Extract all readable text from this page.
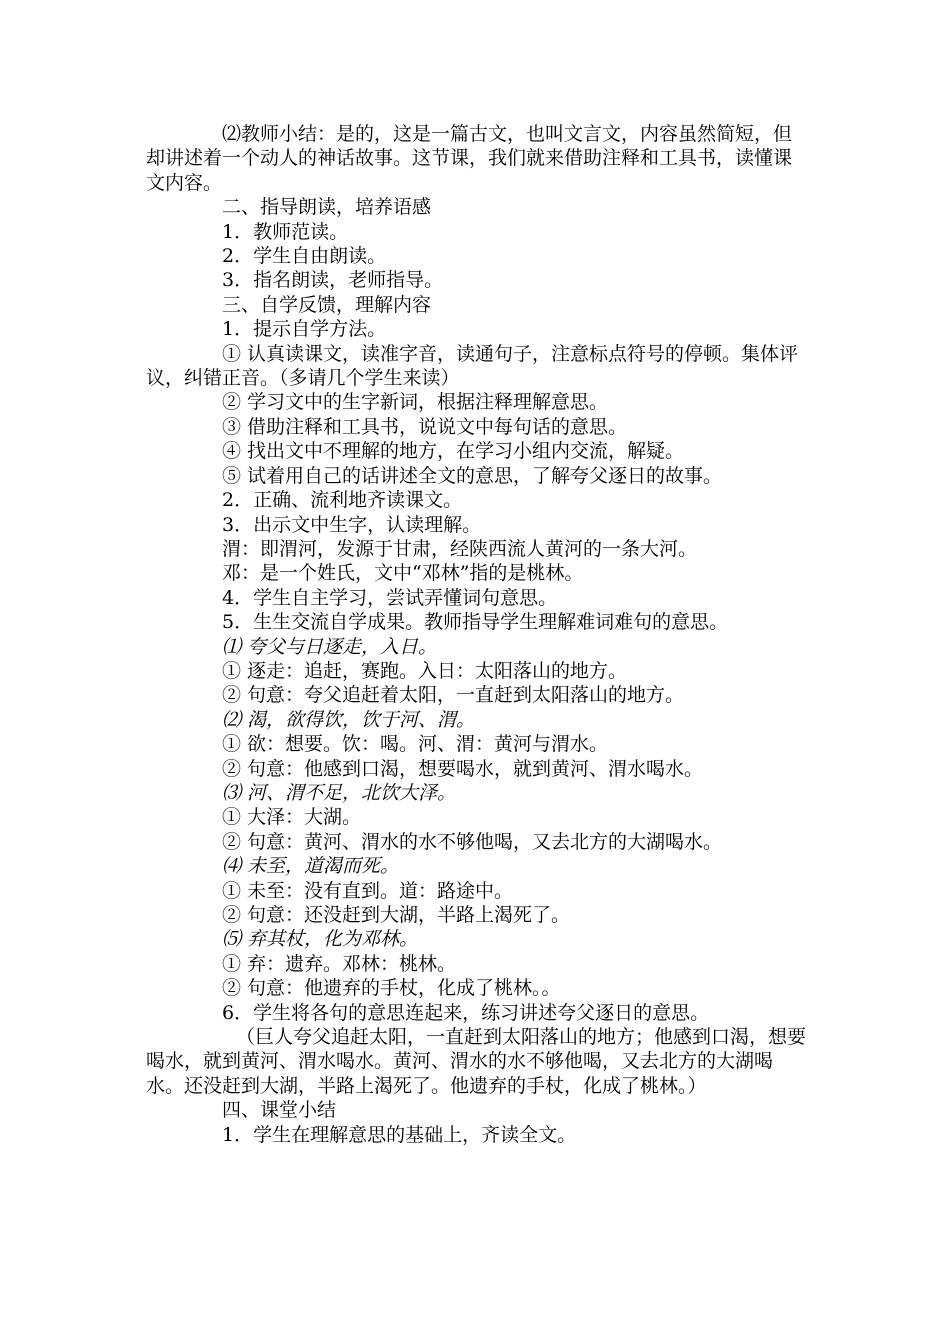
⑵教师小结：是的，这是一篇古文，也叫文言文，内容虽然简短，但却讲述着一个动人的神话故事。这节课，我们就来借助注释和工具书，读懂课文内容。

二、指导朗读，培养语感

1．教师范读。

2．学生自由朗读。

3．指名朗读，老师指导。

三、自学反馈，理解内容

1．提示自学方法。

① 认真读课文，读准字音，读通句子，注意标点符号的停顿。集体评议，纠错正音。（多请几个学生来读）

② 学习文中的生字新词，根据注释理解意思。

③ 借助注释和工具书，说说文中每句话的意思。

④ 找出文中不理解的地方，在学习小组内交流，解疑。

⑤ 试着用自己的话讲述全文的意思，了解夸父逐日的故事。

2．正确、流利地齐读课文。

3．出示文中生字，认读理解。

渭：即渭河，发源于甘肃，经陕西流人黄河的一条大河。

邓：是一个姓氏，文中“邓林”指的是桃林。

4．学生自主学习，尝试弄懂词句意思。

5．生生交流自学成果。教师指导学生理解难词难句的意思。

⑴ 夸父与日逐走，入日。

① 逐走：追赶，赛跑。入日：太阳落山的地方。

② 句意：夸父追赶着太阳，一直赶到太阳落山的地方。

⑵ 渴，欲得饮，饮于河、渭。

① 欲：想要。饮：喝。河、渭：黄河与渭水。

② 句意：他感到口渴，想要喝水，就到黄河、渭水喝水。

⑶ 河、渭不足，北饮大泽。

① 大泽：大湖。

② 句意：黄河、渭水的水不够他喝，又去北方的大湖喝水。

⑷ 未至，道渴而死。

① 未至：没有直到。道：路途中。

② 句意：还没赶到大湖，半路上渴死了。

⑸ 弃其杖，化为邓林。

① 弃：遗弃。邓林：桃林。

② 句意：他遗弃的手杖，化成了桃林。。

6．学生将各句的意思连起来，练习讲述夸父逐日的意思。

（巨人夸父追赶太阳，一直赶到太阳落山的地方；他感到口渴，想要喝水，就到黄河、渭水喝水。黄河、渭水的水不够他喝，又去北方的大湖喝水。还没赶到大湖，半路上渴死了。他遗弃的手杖，化成了桃林。）

四、课堂小结

1．学生在理解意思的基础上，齐读全文。
